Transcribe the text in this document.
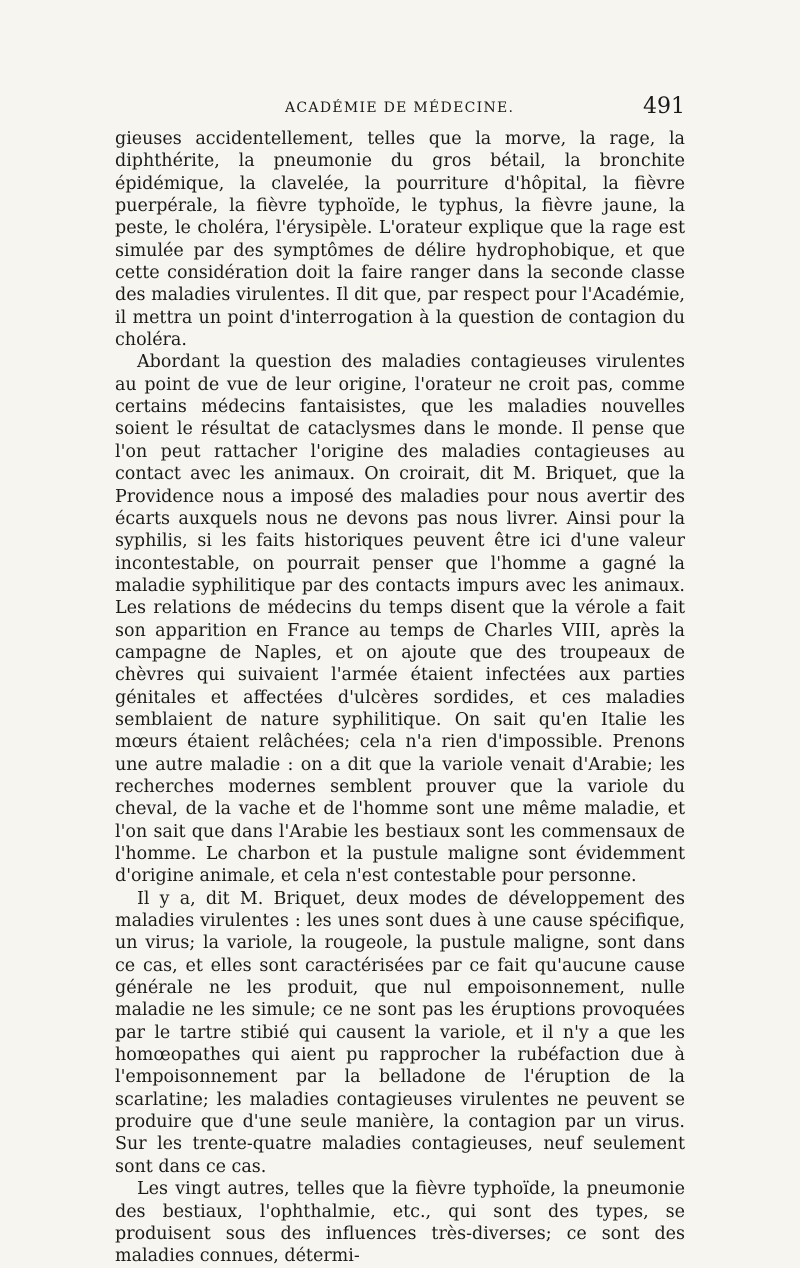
ACADÉMIE DE MÉDECINE.	491

gieuses accidentellement, telles que la morve, la rage, la diphthérite, la pneumonie du gros bétail, la bronchite épidémique, la clavelée, la pourriture d'hôpital, la fièvre puerpérale, la fièvre typhoïde, le typhus, la fièvre jaune, la peste, le choléra, l'érysipèle. L'orateur explique que la rage est simulée par des symptômes de délire hydrophobique, et que cette considération doit la faire ranger dans la seconde classe des maladies virulentes. Il dit que, par respect pour l'Académie, il mettra un point d'interrogation à la question de contagion du choléra.

Abordant la question des maladies contagieuses virulentes au point de vue de leur origine, l'orateur ne croit pas, comme certains médecins fantaisistes, que les maladies nouvelles soient le résultat de cataclysmes dans le monde. Il pense que l'on peut rattacher l'origine des maladies contagieuses au contact avec les animaux. On croirait, dit M. Briquet, que la Providence nous a imposé des maladies pour nous avertir des écarts auxquels nous ne devons pas nous livrer. Ainsi pour la syphilis, si les faits historiques peuvent être ici d'une valeur incontestable, on pourrait penser que l'homme a gagné la maladie syphilitique par des contacts impurs avec les animaux. Les relations de médecins du temps disent que la vérole a fait son apparition en France au temps de Charles VIII, après la campagne de Naples, et on ajoute que des troupeaux de chèvres qui suivaient l'armée étaient infectées aux parties génitales et affectées d'ulcères sordides, et ces maladies semblaient de nature syphilitique. On sait qu'en Italie les mœurs étaient relâchées; cela n'a rien d'impossible. Prenons une autre maladie : on a dit que la variole venait d'Arabie; les recherches modernes semblent prouver que la variole du cheval, de la vache et de l'homme sont une même maladie, et l'on sait que dans l'Arabie les bestiaux sont les commensaux de l'homme. Le charbon et la pustule maligne sont évidemment d'origine animale, et cela n'est contestable pour personne.

Il y a, dit M. Briquet, deux modes de développement des maladies virulentes : les unes sont dues à une cause spécifique, un virus; la variole, la rougeole, la pustule maligne, sont dans ce cas, et elles sont caractérisées par ce fait qu'aucune cause générale ne les produit, que nul empoisonnement, nulle maladie ne les simule; ce ne sont pas les éruptions provoquées par le tartre stibié qui causent la variole, et il n'y a que les homœopathes qui aient pu rapprocher la rubéfaction due à l'empoisonnement par la belladone de l'éruption de la scarlatine; les maladies contagieuses virulentes ne peuvent se produire que d'une seule manière, la contagion par un virus. Sur les trente-quatre maladies contagieuses, neuf seulement sont dans ce cas.

Les vingt autres, telles que la fièvre typhoïde, la pneumonie des bestiaux, l'ophthalmie, etc., qui sont des types, se produisent sous des influences très-diverses; ce sont des maladies connues, détermi-
